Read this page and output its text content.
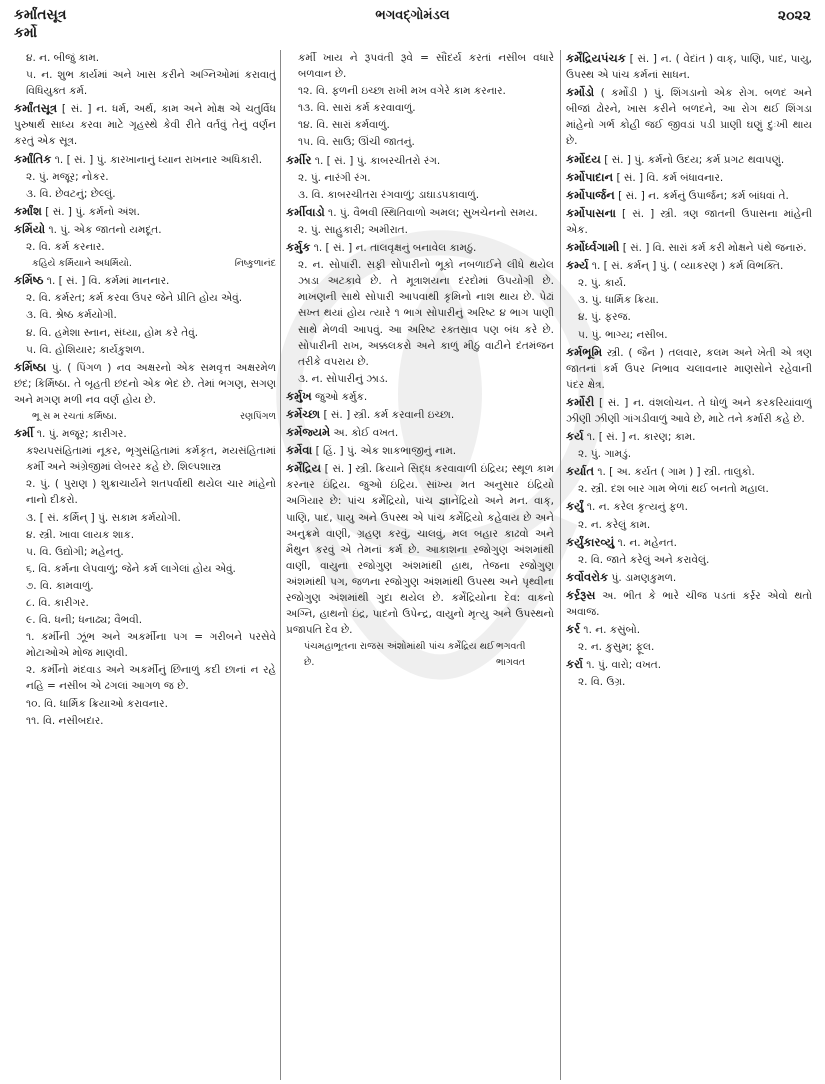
કર્માંતસૂત્ર
કર્મો
ભગવદ્ગોમંડલ	૨૦૨૨
૪. ન. બીજું કામ.
૫. ન. શુભ કાર્યમાં અને ખાસ કરીને અગ્નિઓમાં કરાવાતું વિધિયુક્ત કર્મ.
કર્માંતસૂત્ર [ સં. ] ન. ધર્મ, અર્થ, કામ અને મોક્ષ એ ચતુર્વિધ પુરુષાર્થ સાધ્ય કરવા માટે ગૃહસ્થે કેવી રીતે વર્તવું તેનું વર્ણન કરતું એક સૂત્ર.
કર્માંતિક ૧. [ સં. ] પું. કારખાનાનું ધ્યાન રાખનાર અધિકારી.
૨. પું. મજૂર; નોકર.
૩. વિ. છેવટનું; છેલ્લું.
કર્માંશ [ સં. ] પું. કર્મનો અંશ.
કર્મિયો ૧. પું. એક જાતનો યમદૂત.
૨. વિ. કર્મ કરનાર.
કહિયે કર્મિયાને અધર્મિયો.	નિષ્કુળાનંદ
કર્મિષ્ઠ ૧. [ સં. ] વિ. કર્મમાં માનનાર.
૨. વિ. કર્મરત; કર્મ કરવા ઉપર જેને પ્રીતિ હોય એવું.
૩. વિ. શ્રેષ્ઠ કર્મયોગી.
૪. વિ. હમેશા સ્નાન, સંધ્યા, હોમ કરે તેવું.
૫. વિ. હોશિયાર; કાર્યકુશળ.
કર્મિષ્ઠા પું. ( પિંગળ ) નવ અક્ષરનો એક સમવૃત્ત અક્ષરમેળ છંદ; કિર્મિષ્ઠા. તે બૃહતી છંદનો એક ભેદ છે. તેમાં ભગણ, સગણ અને મગણ મળી નવ વર્ણ હોય છે.
ભૂ સ મ રચતાં કર્મિષ્ઠા.	રણપિંગળ
કર્મી ૧. પું. મજૂર; કારીગર.
કશ્યપસંહિતામાં નૂકર, ભૃગુસંહિતામાં કર્મકૃત, મયસંહિતામાં કર્મી અને અંગ્રેજીમાં લેબરર કહે છે. શિલ્પશાસ્ત્ર
૨. પું. ( પુરાણ ) શુક્રાચાર્યને શતપર્વાથી થયેલ ચાર માંહેનો નાનો દીકરો.
૩. [ સં. કર્મિન્ ] પું. સકામ કર્મયોગી.
૪. સ્ત્રી. ખાવા લાયક શાક.
૫. વિ. ઉદ્યોગી; મહેનતુ.
૬. વિ. કર્મના લેપવાળું; જેને કર્મ લાગેલાં હોય એવું.
૭. વિ. કામવાળું.
૮. વિ. કારીગર.
૯. વિ. ધની; ધનાઢ્ય; વૈભવી.
૧. કર્મીની ઝૂંભ અને અકર્મીના પગ = ગરીબને પરસેવે મોટાઓએ મોજ માણવી.
૨. કર્મીનો મંદવાડ અને અકર્મીનું છિનાળું કદી છાનાં ન રહે નહિ = નસીબ એ ઢગલાં આગળ જ છે.
૧૦. વિ. ધાર્મિક ક્રિયાઓ કરાવનાર.
૧૧. વિ. નસીબદાર.
કર્મી ખાય ને રૂપવંતી રૂવે = સૌંદર્ય કરતાં નસીબ વધારે બળવાન છે.
૧૨. વિ. ફળની ઇચ્છા રાખી મખ વગેરે કામ કરનાર.
૧૩. વિ. સારાં કર્મ કરવાવાળું.
૧૪. વિ. સારાં કર્મવાળું.
૧૫. વિ. સાઉ; ઊંચી જાતનું.
કર્મીર ૧. [ સં. ] પું. કાબરચીતરો રંગ.
૨. પું. નારંગી રંગ.
૩. વિ. કાબરચીતરા રંગવાળું; ડાઘાડપકાવાળું.
કર્મીવાડો ૧. પું. વૈભવી સ્થિતિવાળો અમલ; સુખચેનનો સમય.
૨. પું. સાહુકારી; અમીરાત.
કર્મુક ૧. [ સં. ] ન. તાલવૃક્ષનું બનાવેલ કામઠું.
૨. ન. સોપારી. સફી સોપારીનો ભૂકો નબળાઈને લીધે થયેલ ઝાડા અટકાવે છે. તે મૂત્રાશયના દરદોમાં ઉપયોગી છે. માખણની સાથે સોપારી આપવાથી કૃમિનો નાશ થાય છે. પેઢાં સખ્ત થયાં હોય ત્યારે ૧ ભાગ સોપારીનું અરિષ્ટ ૪ ભાગ પાણી સાથે મેળવી આપવું. આ અરિષ્ટ રક્તસ્રાવ પણ બંધ કરે છે. સોપારીની રાખ, અક્કલકરો અને કાળું મીઠું વાટીને દંતમંજન તરીકે વપરાય છે.
૩. ન. સોપારીનું ઝાડ.
કર્મુખ જુઓ કર્મુક.
કર્મેચ્છા [ સં. ] સ્ત્રી. કર્મ કરવાની ઇચ્છા.
કર્મેજ્યમે અ. કોઈ વખત.
કર્મેવા [ હિં. ] પું. એક શાકભાજીનું નામ.
કર્મેંદ્રિય [ સં. ] સ્ત્રી. ક્રિયાને સિદ્ધ કરવાવાળી ઇંદ્રિય; સ્થૂળ કામ કરનાર ઇંદ્રિય. જુઓ ઇંદ્રિય. સાંખ્ય મત અનુસાર ઇંદ્રિયો અગિયાર છે: પાંચ કર્મેંદ્રિયો, પાંચ જ્ઞાનેંદ્રિયો અને મન. વાક્, પાણિ, પાદ, પાયુ અને ઉપસ્થ એ પાંચ કર્મેંદ્રિયો કહેવાય છે અને અનુક્રમે વાણી, ગ્રહણ કરવું, ચાલવું, મલ બહાર કાઢવો અને મૈથુન કરવું એ તેમનાં કર્મ છે. આકાશના રજોગુણ અંશમાંથી વાણી, વાયુના રજોગુણ અંશમાંથી હાથ, તેજના રજોગુણ અંશમાંથી પગ, જળના રજોગુણ અંશમાંથી ઉપસ્થ અને પૃથ્વીના રજોગુણ અંશમાંથી ગુદા થયેલ છે. કર્મેંદ્રિયોના દેવ: વાક્નો અગ્નિ, હાથનો ઇંદ્ર, પાદનો ઉપેન્દ્ર, વાયુનો મૃત્યુ અને ઉપસ્થનો પ્રજાપતિ દેવ છે.
પંચમહાભૂતના રાજસ અંશોમાંથી પાંચ કર્મેંદ્રિય થઈ છે.
ભગવતી ભાગવત
કર્મેંદ્રિયપંચક [ સં. ] ન. ( વેદાંત ) વાક્, પાણિ, પાદ, પાયુ, ઉપસ્થ એ પાંચ કર્મનાં સાધન.
કર્મોડો ( કર્મોડી ) પું. શિંગડાનો એક રોગ. બળદ અને બીજાં ઢોરને, ખાસ કરીને બળદને, આ રોગ થઈ શિંગડા માંહેનો ગર્ભ કોહી જઈ જીવડાં પડી પ્રાણી ઘણું દુઃખી થાય છે.
કર્મોદય [ સં. ] પું. કર્મનો ઉદય; કર્મ પ્રગટ થવાપણું.
કર્મોપાદાન [ સં. ] વિ. કર્મ બંધાવનાર.
કર્મોપાર્જન [ સં. ] ન. કર્મનું ઉપાર્જન; કર્મ બાંધવાં તે.
કર્મોપાસના [ સં. ] સ્ત્રી. ત્રણ જાતની ઉપાસના માંહેની એક.
કર્મોર્ધ્વગામી [ સં. ] વિ. સારાં કર્મ કરી મોક્ષને પંથે જનારું.
કર્મ્ય ૧. [ સં. કર્મન્ ] પું. ( વ્યાકરણ ) કર્મ વિભક્તિ.
૨. પું. કાર્ય.
૩. પું. ધાર્મિક ક્રિયા.
૪. પું. ફરજ.
૫. પું. ભાગ્ય; નસીબ.
કર્મભૂમિ સ્ત્રી. ( જૈન ) તલવાર, કલમ અને ખેતી એ ત્રણ જાતનાં કર્મ ઉપર નિભાવ ચલાવનાર માણસોને રહેવાની પંદર ક્ષેત્ર.
કર્મોરી [ સં. ] ન. વંશલોચન. તે ધોળું અને કરકરિયાંવાળું ઝીણી ઝીણી ગાંગડીવાળું આવે છે, માટે તને કર્મારી કહે છે.
કર્ય ૧. [ સં. ] ન. કારણ; કામ.
૨. પું. ગામડું.
કર્યાત ૧. [ અ. કર્યત ( ગામ ) ] સ્ત્રી. તાલુકો.
૨. સ્ત્રી. દશ બાર ગામ ભેળાં થઈ બનતો મહાલ.
કર્યું ૧. ન. કરેલ કૃત્યનું ફળ.
૨. ન. કરેલું કામ.
કર્યુંકારવ્યું ૧. ન. મહેનત.
૨. વિ. જાતે કરેલું અને કરાવેલું.
કર્વોવરોક પું. ડામણકુમળ.
કર્ર્રરૂસ અ. ભીત કે ભારે ચીજ પડતાં કર્ર્રર એવો થતો અવાજ.
કર્ર ૧. ન. કસુંબો.
૨. ન. કુસુમ; ફૂલ.
કર્રા ૧. પું. વારો; વખત.
૨. વિ. ઉગ્ર.
